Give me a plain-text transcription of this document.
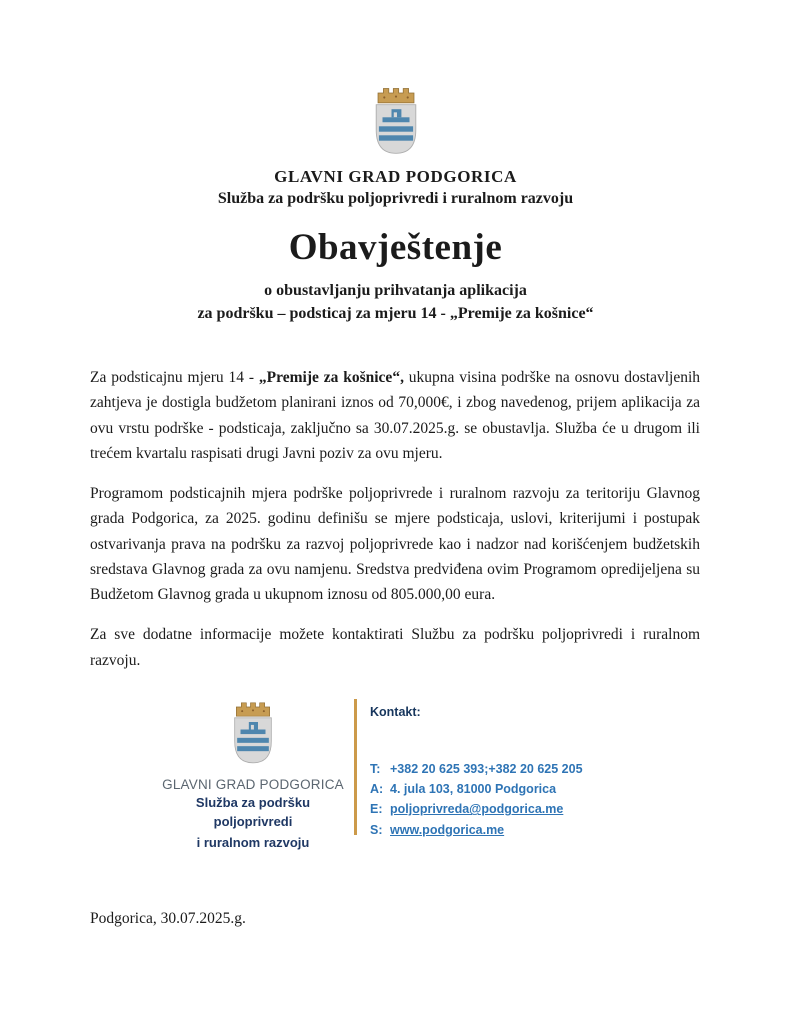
GLAVNI GRAD PODGORICA
Služba za podršku poljoprivredi i ruralnom razvoju
Obavještenje
o obustavljanju prihvatanja aplikacija
za podršku – podsticaj za mjeru 14 - „Premije za košnice“

Za podsticajnu mjeru 14 - „Premije za košnice“, ukupna visina podrške na osnovu dostavljenih zahtjeva je dostigla budžetom planirani iznos od 70,000€, i zbog navedenog, prijem aplikacija za ovu vrstu podrške - podsticaja, zaključno sa 30.07.2025.g. se obustavlja. Služba će u drugom ili trećem kvartalu raspisati drugi Javni poziv za ovu mjeru.

Programom podsticajnih mjera podrške poljoprivrede i ruralnom razvoju za teritoriju Glavnog grada Podgorica, za 2025. godinu definišu se mjere podsticaja, uslovi, kriterijumi i postupak ostvarivanja prava na podršku za razvoj poljoprivrede kao i nadzor nad korišćenjem budžetskih sredstava Glavnog grada za ovu namjenu. Sredstva predviđena ovim Programom opredijeljena su Budžetom Glavnog grada u ukupnom iznosu od 805.000,00 eura.

Za sve dodatne informacije možete kontaktirati Službu za podršku poljoprivredi i ruralnom razvoju.

GLAVNI GRAD PODGORICA
Služba za podršku poljoprivredi
i ruralnom razvoju
Kontakt:
T: +382 20 625 393;+382 20 625 205
A: 4. jula 103, 81000 Podgorica
E: poljoprivreda@podgorica.me
S: www.podgorica.me
Podgorica, 30.07.2025.g.
